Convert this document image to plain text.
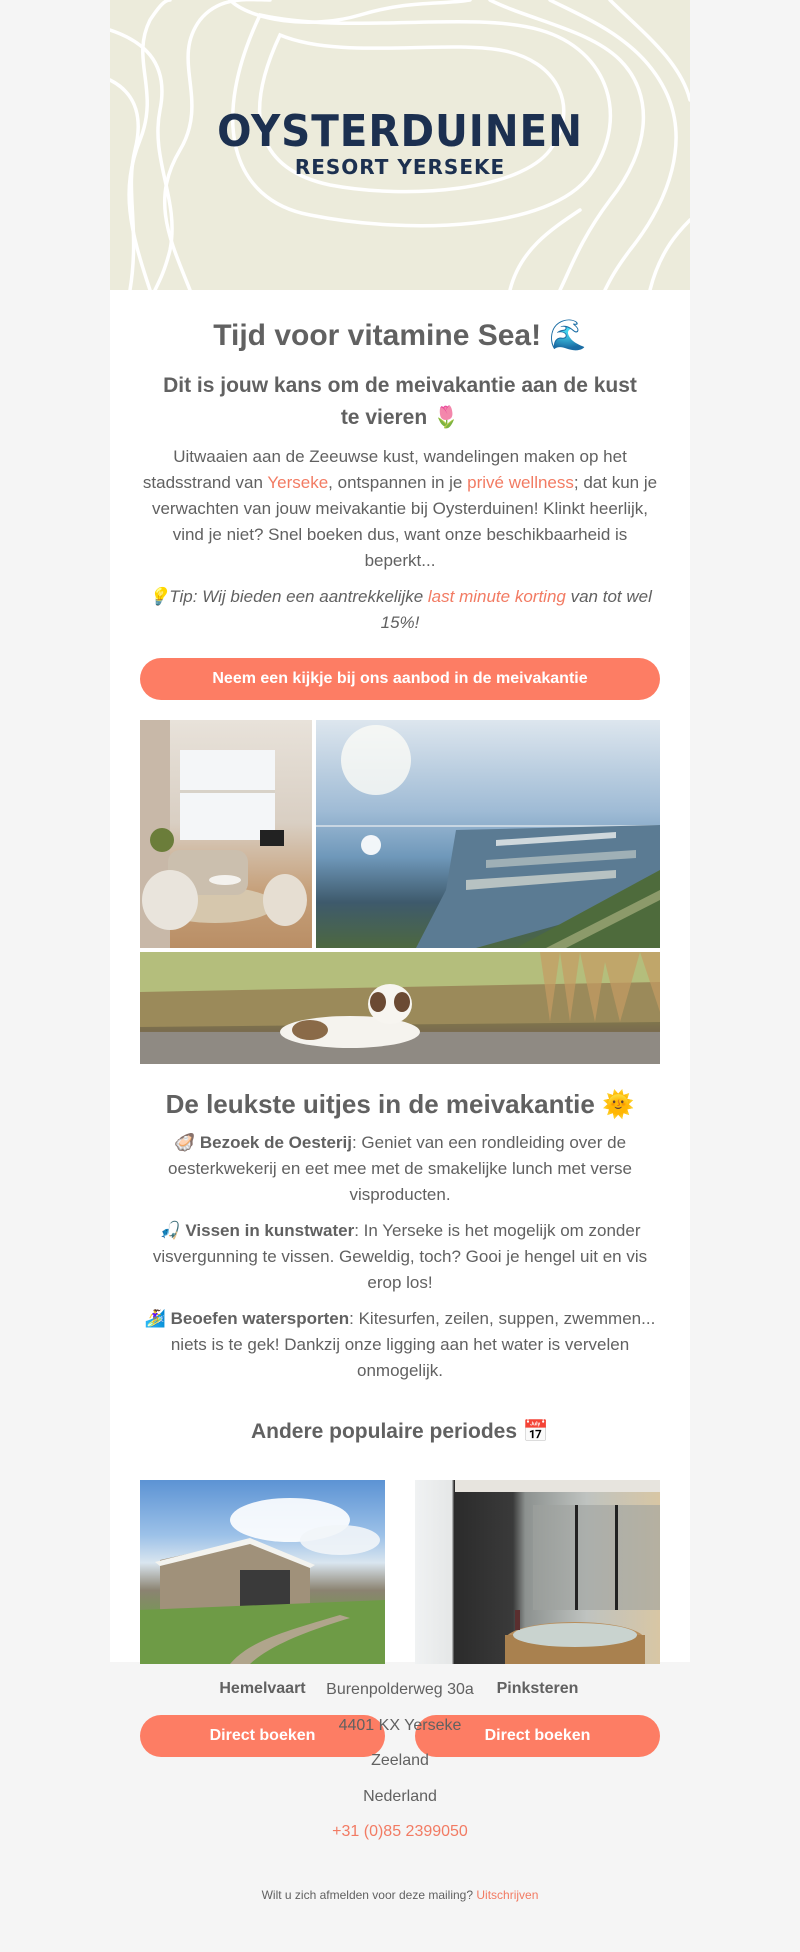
OYSTERDUINEN
RESORT YERSEKE
Tijd voor vitamine Sea! 🌊
Dit is jouw kans om de meivakantie aan de kust te vieren 🌷

Uitwaaien aan de Zeeuwse kust, wandelingen maken op het stadsstrand van Yerseke, ontspannen in je privé wellness; dat kun je verwachten van jouw meivakantie bij Oysterduinen! Klinkt heerlijk, vind je niet? Snel boeken dus, want onze beschikbaarheid is beperkt...

💡Tip: Wij bieden een aantrekkelijke last minute korting van tot wel 15%!

Neem een kijkje bij ons aanbod in de meivakantie
De leukste uitjes in de meivakantie 🌞

🦪 Bezoek de Oesterij: Geniet van een rondleiding over de oesterkwekerij en eet mee met de smakelijke lunch met verse visproducten.

🎣 Vissen in kunstwater: In Yerseke is het mogelijk om zonder visvergunning te vissen. Geweldig, toch? Gooi je hengel uit en vis erop los!

🏄‍♀️ Beoefen watersporten: Kitesurfen, zeilen, suppen, zwemmen... niets is te gek! Dankzij onze ligging aan het water is vervelen onmogelijk.

Andere populaire periodes 📅
Hemelvaart
Direct boeken
Pinksteren
Direct boeken
Burenpolderweg 30a
4401 KX Yerseke
Zeeland
Nederland
+31 (0)85 2399050
Wilt u zich afmelden voor deze mailing? Uitschrijven
